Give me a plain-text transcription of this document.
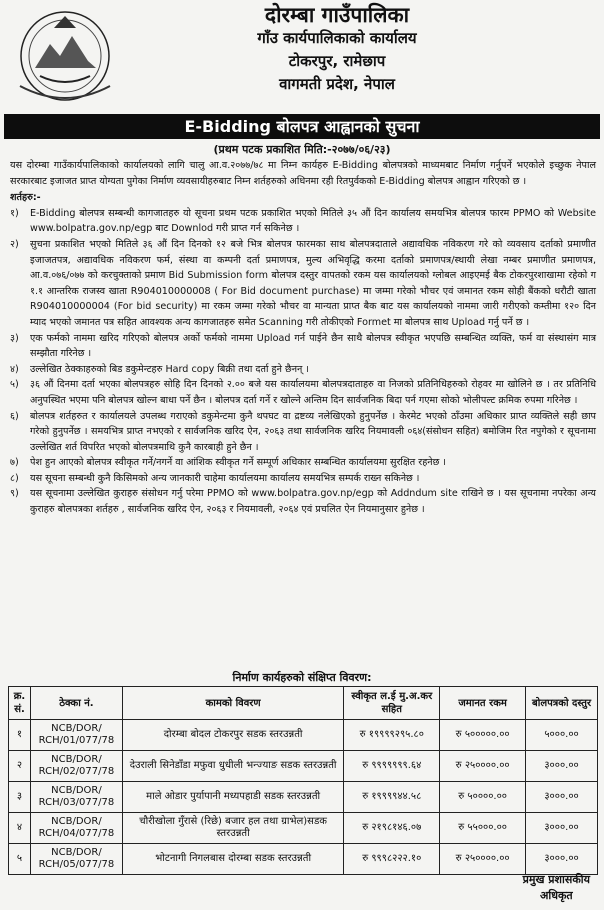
दोरम्बा गाउँपालिका
गाँउ कार्यपालिकाको कार्यालय
टोकरपुर, रामेछाप
वागमती प्रदेश, नेपाल
E-Bidding बोलपत्र आह्वानको सुचना
(प्रथम पटक प्रकाशित मिति:-२०७७/०६/२३)
यस दोरम्बा गाउँकार्यपालिकाको कार्यालयको लागि चालु आ.व.२०७७/७८ मा निम्न कार्यहरु E-Bidding बोलपत्रको माध्यमबाट निर्माण गर्नुपर्ने भएकोले इच्छुक नेपाल सरकारबाट इजाजत प्राप्त योग्यता पुगेका निर्माण व्यवसायीहरुबाट निम्न शर्तहरुको अधिनमा रही रितपुर्वकको E-Bidding बोलपत्र आह्वान गरिएको छ ।
शर्तहरु:-
१)	E-Bidding बोलपत्र सम्बन्धी कागजातहरु यो सूचना प्रथम पटक प्रकाशित भएको मितिले ३५ औं दिन कार्यालय समयभित्र बोलपत्र फारम PPMO को Website www.bolpatra.gov.np/egp बाट Downlod गरी प्राप्त गर्न सकिनेछ ।
२)	सुचना प्रकाशित भएको मितिले ३६ औं दिन दिनको १२ बजे भित्र बोलपत्र फारमका साथ बोलपत्रदाताले अद्यावधिक नविकरण गरे को व्यवसाय दर्ताको प्रमाणीत इजाजतपत्र, अद्यावधिक नविकरण फर्म, संस्था वा कम्पनी दर्ता प्रमाणपत्र, मुल्य अभिवृद्धि करमा दर्ताको प्रमाणपत्र/स्थायी लेखा नम्बर प्रमाणीत प्रमाणपत्र, आ.व.०७६/०७७ को करचुक्ताको प्रमाण Bid Submission form बोलपत्र दस्तुर वापतको रकम यस कार्यालयको ग्लोबल आइएमई बैक टोकरपुरशाखामा रहेको ग १.१ आन्तरिक राजस्व खाता R904010000008 ( For Bid document purchase) मा जम्मा गरेको भौचर एवं जमानत रकम सोही बैंकको धरौटी खाता R904010000004 (For bid security) मा रकम जम्मा गरेको भौचर वा मान्यता प्राप्त बैक बाट यस कार्यालयको नाममा जारी गरीएको कम्तीमा १२० दिन म्याद भएको जमानत पत्र सहित आवश्यक अन्य कागजातहरु समेत Scanning गरी तोकीएको Formet मा बोलपत्र साथ Upload गर्नु पर्ने छ ।
३)	एक फर्मको नाममा खरिद गरिएको बोलपत्र अर्को फर्मको नाममा Upload गर्न पाईने छैन साथै बोलपत्र स्वीकृत भएपछि सम्बन्धित व्यक्ति, फर्म वा संस्थासंग मात्र सम्झौता गरिनेछ ।
४)	उल्लेखित ठेक्काहरुको बिड डकुमेन्टहरु Hard copy बिक्री तथा दर्ता हुने छैनन् ।
५)	३६ औं दिनमा दर्ता भएका बोलपत्रहरु सोहि दिन दिनको २.०० बजे यस कार्यालयमा बोलपत्रदाताहरु वा निजको प्रतिनिधिहरुको रोहवर मा खोलिने छ । तर प्रतिनिधि अनुपस्थित भएमा पनि बोलपत्र खोल्न बाधा पर्ने छैन । बोलपत्र दर्ता गर्ने र खोल्ने अन्तिम दिन सार्वजनिक बिदा पर्न गएमा सोको भोलीपल्ट क्रमिक रुपमा गरिनेछ ।
६)	बोलपत्र शर्तहरुत र कार्यालयले उपलब्ध गराएको डकुमेन्टमा कुनै थपघट वा द्रष्टव्य नलेखिएको हुनुपर्नेछ । केरमेट भएको ठाँउमा अधिकार प्राप्त व्यक्तिले सही छाप गरेको हुनुपर्नेछ । समयभित्र प्राप्त नभएको र सार्वजनिक खरिद ऐन, २०६३ तथा सार्वजनिक खरिद नियमावली ०६४(संसोधन सहित) बमोजिम रित नपुगेको र सूचनामा उल्लेखित शर्त विपरित भएको बोलपत्रमाथि कुनै कारबाही हुने छैन ।
७)	पेश हुन आएको बोलपत्र स्वीकृत गर्ने/नगर्ने वा आंशिक स्वीकृत गर्ने सम्पूर्ण अधिकार सम्बन्धित कार्यालयमा सुरक्षित रहनेछ ।
८)	यस सूचना सम्बन्धी कुनै किसिमको अन्य जानकारी चाहेमा कार्यालयमा कार्यालय समयभित्र सम्पर्क राख्न सकिनेछ ।
९)	यस सूचनामा उल्लेखित कुराहरु संसोधन गर्नु परेमा PPMO को www.bolpatra.gov.np/egp को Addndum site राखिने छ । यस सूचनामा नपरेका अन्य कुराहरु बोलपत्रका शर्तहरु , सार्वजनिक खरिद ऐन, २०६३ र नियमावली, २०६४ एवं प्रचलित ऐन नियमानुसार हुनेछ ।
निर्माण कार्यहरुको संक्षिप्त विवरण:
क्र. सं.	ठेक्का नं.	कामको विवरण	स्वीकृत ल.ई मु.अ.कर सहित	जमानत रकम	बोलपत्रको दस्तुर
१	NCB/DOR/ RCH/01/077/78	दोरम्बा बोदल टोकरपुर सडक स्तरउन्नती	रु १९९९९२९५.८०	रु ५०००००.००	५०००.००
२	NCB/DOR/ RCH/02/077/78	देउराली सिनेडाँडा मफुवा धुधीली भन्ज्याङ सडक स्तरउन्नती	रु ९९९९९९९.६४	रु २५००००.००	३०००.००
३	NCB/DOR/ RCH/03/077/78	माले ओडार पुर्यापानी मध्यपहाडी सडक स्तरउन्नती	रु १९९९९४४.५८	रु ५००००.००	३०००.००
४	NCB/DOR/ RCH/04/077/78	चौरीखोला गुँरासे (रिछे) बजार हल तथा ग्राभेल)सडक स्तरउन्नती	रु २१९८१४६.०७	रु ५५०००.००	३०००.००
५	NCB/DOR/ RCH/05/077/78	भोटनागी निगलबास दोरम्बा सडक स्तरउन्नती	रु ९९९८२२२.१०	रु २५००००.००	३०००.००
प्रमुख प्रशासकीय
अधिकृत
